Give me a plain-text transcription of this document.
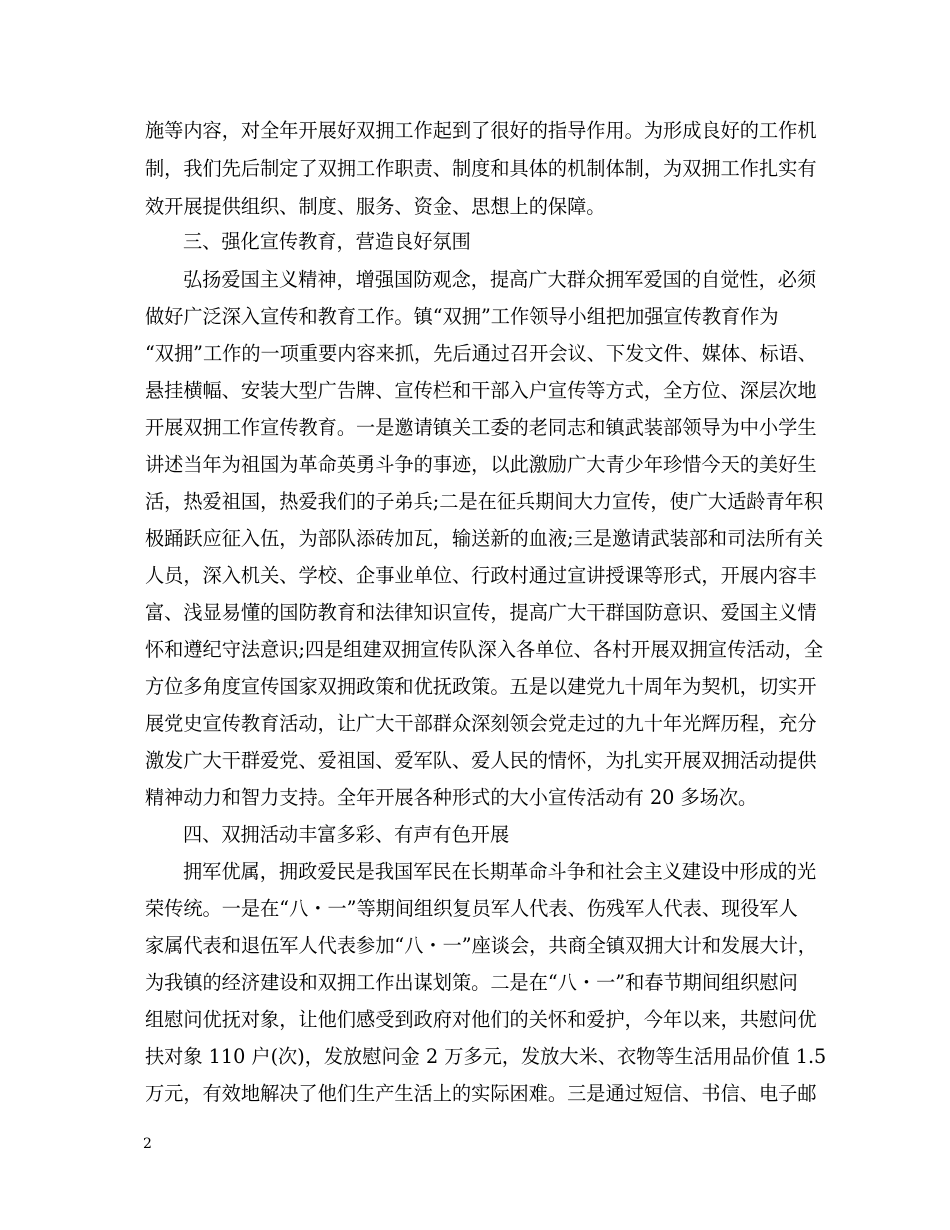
施等内容，对全年开展好双拥工作起到了很好的指导作用。为形成良好的工作机
制，我们先后制定了双拥工作职责、制度和具体的机制体制，为双拥工作扎实有
效开展提供组织、制度、服务、资金、思想上的保障。
三、强化宣传教育，营造良好氛围
弘扬爱国主义精神，增强国防观念，提高广大群众拥军爱国的自觉性，必须
做好广泛深入宣传和教育工作。镇“双拥”工作领导小组把加强宣传教育作为
“双拥”工作的一项重要内容来抓，先后通过召开会议、下发文件、媒体、标语、
悬挂横幅、安装大型广告牌、宣传栏和干部入户宣传等方式，全方位、深层次地
开展双拥工作宣传教育。一是邀请镇关工委的老同志和镇武装部领导为中小学生
讲述当年为祖国为革命英勇斗争的事迹，以此激励广大青少年珍惜今天的美好生
活，热爱祖国，热爱我们的子弟兵;二是在征兵期间大力宣传，使广大适龄青年积
极踊跃应征入伍，为部队添砖加瓦，输送新的血液;三是邀请武装部和司法所有关
人员，深入机关、学校、企事业单位、行政村通过宣讲授课等形式，开展内容丰
富、浅显易懂的国防教育和法律知识宣传，提高广大干群国防意识、爱国主义情
怀和遵纪守法意识;四是组建双拥宣传队深入各单位、各村开展双拥宣传活动，全
方位多角度宣传国家双拥政策和优抚政策。五是以建党九十周年为契机，切实开
展党史宣传教育活动，让广大干部群众深刻领会党走过的九十年光辉历程，充分
激发广大干群爱党、爱祖国、爱军队、爱人民的情怀，为扎实开展双拥活动提供
精神动力和智力支持。全年开展各种形式的大小宣传活动有 20 多场次。
四、双拥活动丰富多彩、有声有色开展
拥军优属，拥政爱民是我国军民在长期革命斗争和社会主义建设中形成的光
荣传统。一是在“八・一”等期间组织复员军人代表、伤残军人代表、现役军人
家属代表和退伍军人代表参加“八・一”座谈会，共商全镇双拥大计和发展大计，
为我镇的经济建设和双拥工作出谋划策。二是在“八・一”和春节期间组织慰问
组慰问优抚对象，让他们感受到政府对他们的关怀和爱护，今年以来，共慰问优
扶对象 110 户(次)，发放慰问金 2 万多元，发放大米、衣物等生活用品价值 1.5
万元，有效地解决了他们生产生活上的实际困难。三是通过短信、书信、电子邮
2
